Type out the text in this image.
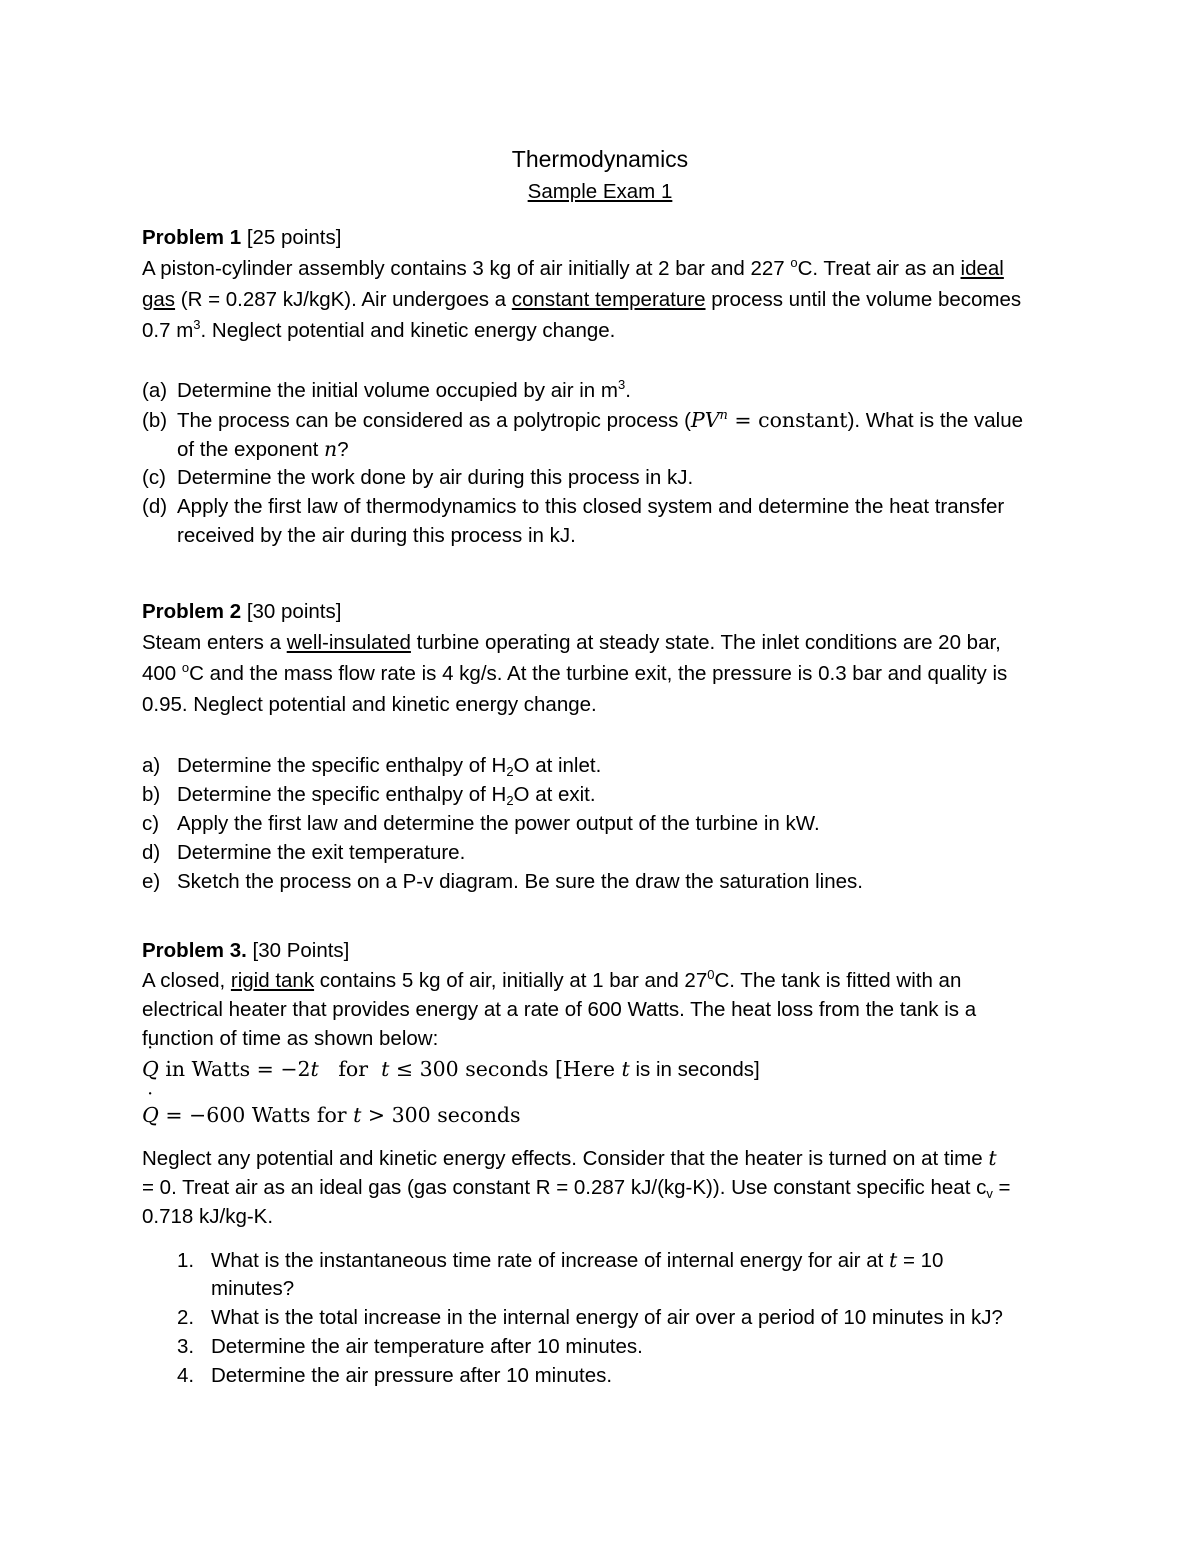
Thermodynamics
Sample Exam 1
Problem 1 [25 points]
A piston-cylinder assembly contains 3 kg of air initially at 2 bar and 227 $^o$C. Treat air as an ideal
gas (R = 0.287 kJ/kgK). Air undergoes a constant temperature process until the volume becomes
0.7 $m^3$. Neglect potential and kinetic energy change.
(a) Determine the initial volume occupied by air in $m^3$.
(b) The process can be considered as a polytropic process ($PV^n$ = constant). What is the value
of the exponent n?
(c) Determine the work done by air during this process in kJ.
(d) Apply the first law of thermodynamics to this closed system and determine the heat transfer
received by the air during this process in kJ.
Problem 2 [30 points]
Steam enters a well-insulated turbine operating at steady state. The inlet conditions are 20 bar,
400 $^o$C and the mass flow rate is 4 kg/s. At the turbine exit, the pressure is 0.3 bar and quality is
0.95. Neglect potential and kinetic energy change.
a) Determine the specific enthalpy of $H_2O$ at inlet.
b) Determine the specific enthalpy of $H_2O$ at exit.
c) Apply the first law and determine the power output of the turbine in kW.
d) Determine the exit temperature.
e) Sketch the process on a P-v diagram. Be sure the draw the saturation lines.
Problem 3. [30 Points]
A closed, rigid tank contains 5 kg of air, initially at 1 bar and $27^0C$. The tank is fitted with an
electrical heater that provides energy at a rate of 600 Watts. The heat loss from the tank is a
function of time as shown below:
˙ Q in Watts = −2t   for  t ≤ 300 seconds [Here t is in seconds]
˙ Q = −600 Watts for t > 300 seconds
Neglect any potential and kinetic energy effects. Consider that the heater is turned on at time t
= 0. Treat air as an ideal gas (gas constant R = 0.287 kJ/(kg-K)). Use constant specific heat $c_v$ =
0.718 kJ/kg-K.
1. What is the instantaneous time rate of increase of internal energy for air at t = 10
minutes?
2. What is the total increase in the internal energy of air over a period of 10 minutes in kJ?
3. Determine the air temperature after 10 minutes.
4. Determine the air pressure after 10 minutes.
